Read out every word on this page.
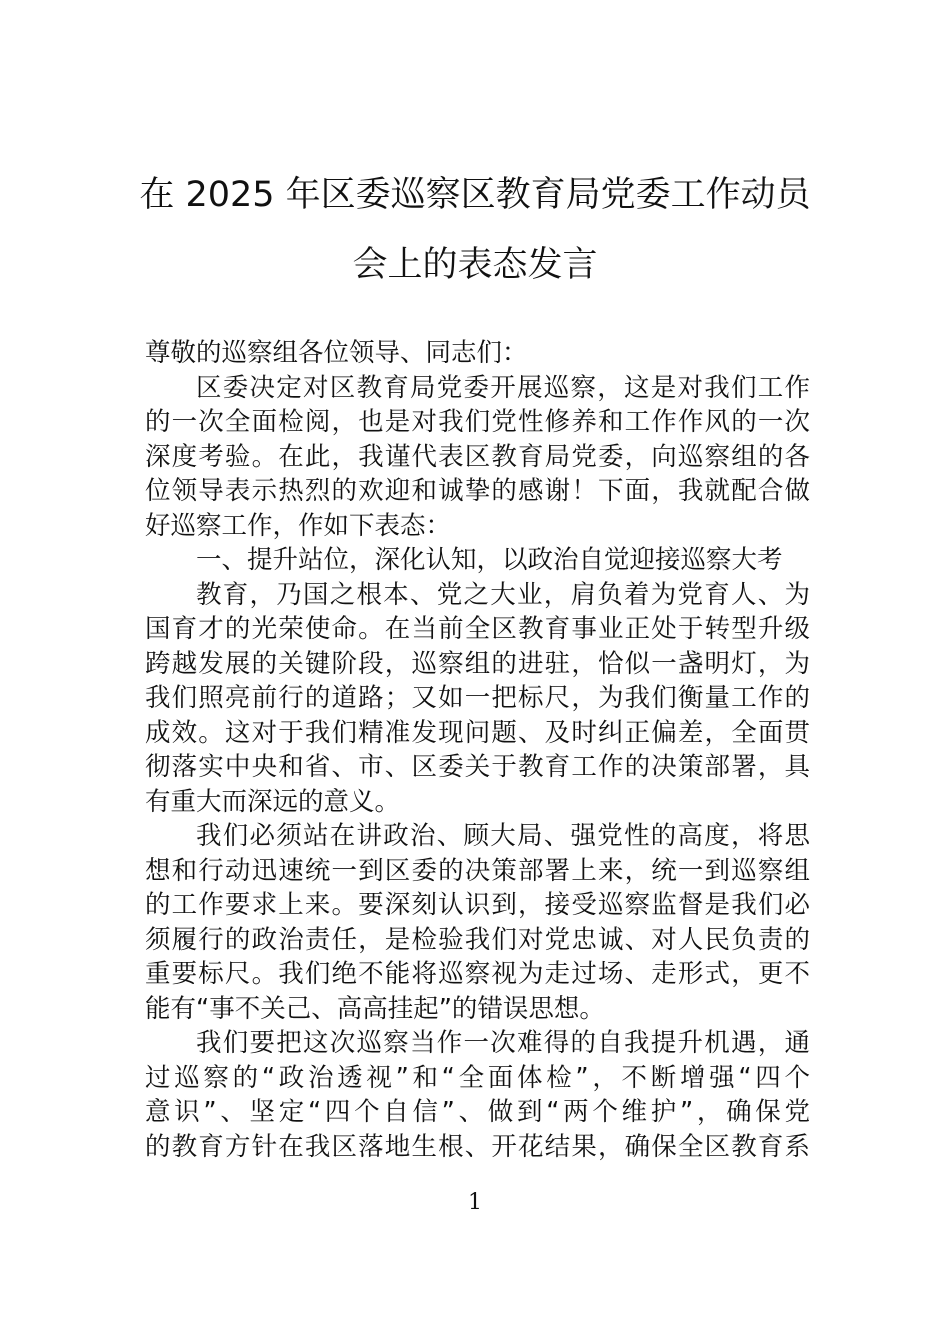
在 2025 年区委巡察区教育局党委工作动员
会上的表态发言
尊敬的巡察组各位领导、同志们：
区委决定对区教育局党委开展巡察，这是对我们工作
的一次全面检阅，也是对我们党性修养和工作作风的一次
深度考验。在此，我谨代表区教育局党委，向巡察组的各
位领导表示热烈的欢迎和诚挚的感谢！下面，我就配合做
好巡察工作，作如下表态：
一、提升站位，深化认知，以政治自觉迎接巡察大考
教育，乃国之根本、党之大业，肩负着为党育人、为
国育才的光荣使命。在当前全区教育事业正处于转型升级
跨越发展的关键阶段，巡察组的进驻，恰似一盏明灯，为
我们照亮前行的道路；又如一把标尺，为我们衡量工作的
成效。这对于我们精准发现问题、及时纠正偏差，全面贯
彻落实中央和省、市、区委关于教育工作的决策部署，具
有重大而深远的意义。
我们必须站在讲政治、顾大局、强党性的高度，将思
想和行动迅速统一到区委的决策部署上来，统一到巡察组
的工作要求上来。要深刻认识到，接受巡察监督是我们必
须履行的政治责任，是检验我们对党忠诚、对人民负责的
重要标尺。我们绝不能将巡察视为走过场、走形式，更不
能有“事不关己、高高挂起”的错误思想。
我们要把这次巡察当作一次难得的自我提升机遇，通
过巡察的“政治透视”和“全面体检”，不断增强“四个
意识”、坚定“四个自信”、做到“两个维护”，确保党
的教育方针在我区落地生根、开花结果，确保全区教育系
1
